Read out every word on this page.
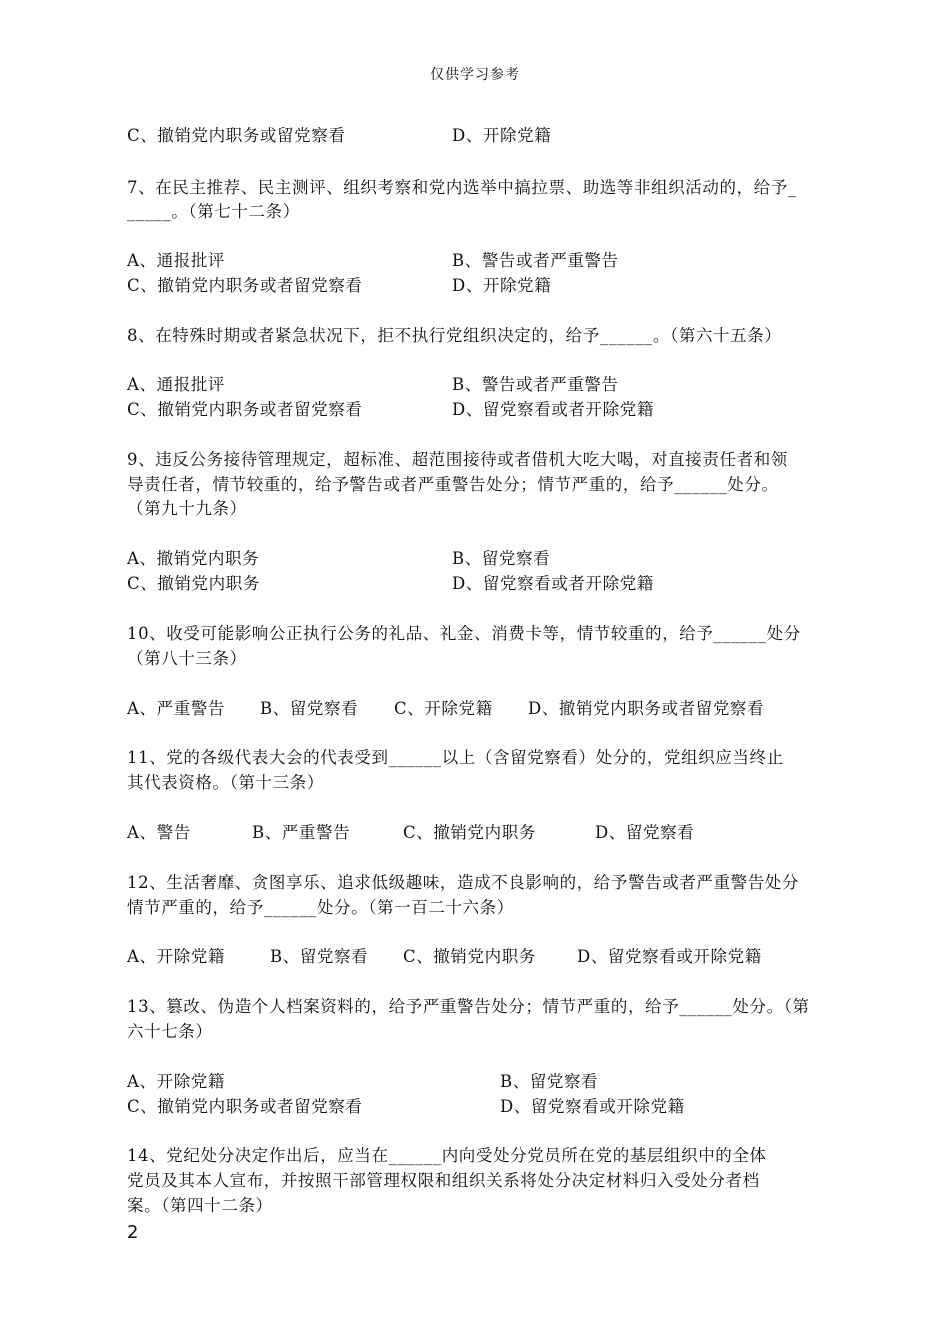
仅供学习参考
C、撤销党内职务或留党察看	D、开除党籍
7、在民主推荐、民主测评、组织考察和党内选举中搞拉票、助选等非组织活动的，给予_
_____。（第七十二条）
A、通报批评	B、警告或者严重警告
C、撤销党内职务或者留党察看	D、开除党籍
8、在特殊时期或者紧急状况下，拒不执行党组织决定的，给予______。（第六十五条）
A、通报批评	B、警告或者严重警告
C、撤销党内职务或者留党察看	D、留党察看或者开除党籍
9、违反公务接待管理规定，超标准、超范围接待或者借机大吃大喝，对直接责任者和领
导责任者，情节较重的，给予警告或者严重警告处分；情节严重的，给予______处分。
（第九十九条）
A、撤销党内职务	B、留党察看
C、撤销党内职务	D、留党察看或者开除党籍
10、收受可能影响公正执行公务的礼品、礼金、消费卡等，情节较重的，给予______处分
（第八十三条）
A、严重警告 B、留党察看 C、开除党籍 D、撤销党内职务或者留党察看
11、党的各级代表大会的代表受到______以上（含留党察看）处分的，党组织应当终止
其代表资格。（第十三条）
A、警告	B、严重警告	C、撤销党内职务	D、留党察看
12、生活奢靡、贪图享乐、追求低级趣味，造成不良影响的，给予警告或者严重警告处分
情节严重的，给予______处分。（第一百二十六条）
A、开除党籍	B、留党察看 C、撤销党内职务 D、留党察看或开除党籍
13、篡改、伪造个人档案资料的，给予严重警告处分；情节严重的，给予______处分。（第
六十七条）
A、开除党籍	B、留党察看
C、撤销党内职务或者留党察看	D、留党察看或开除党籍
14、党纪处分决定作出后，应当在______内向受处分党员所在党的基层组织中的全体
党员及其本人宣布，并按照干部管理权限和组织关系将处分决定材料归入受处分者档
案。（第四十二条）
2
